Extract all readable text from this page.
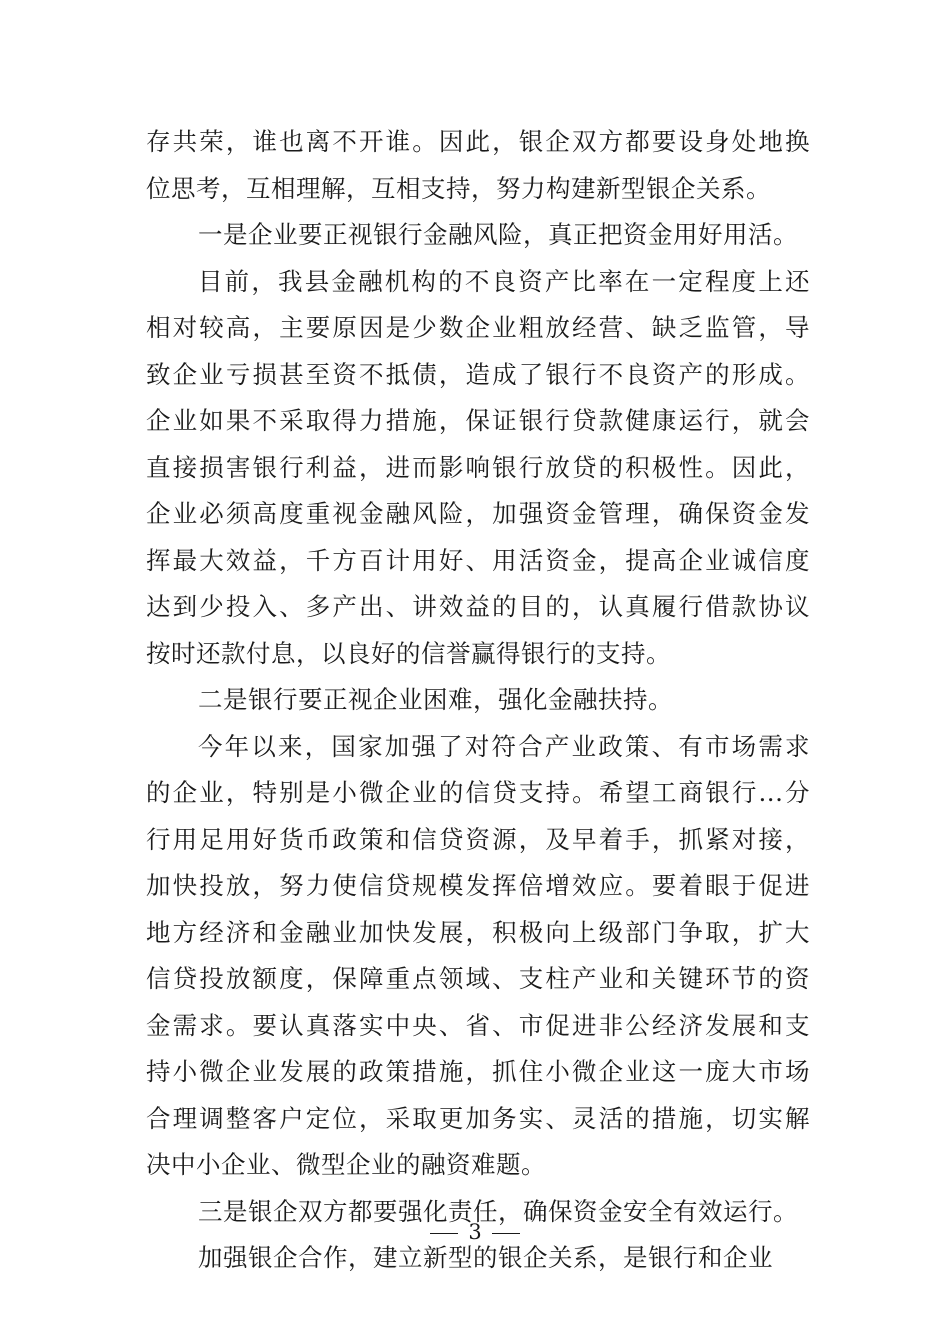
存共荣，谁也离不开谁。因此，银企双方都要设身处地换
位思考，互相理解，互相支持，努力构建新型银企关系。
一是企业要正视银行金融风险，真正把资金用好用活。
目前，我县金融机构的不良资产比率在一定程度上还
相对较高，主要原因是少数企业粗放经营、缺乏监管，导
致企业亏损甚至资不抵债，造成了银行不良资产的形成。
企业如果不采取得力措施，保证银行贷款健康运行，就会
直接损害银行利益，进而影响银行放贷的积极性。因此，
企业必须高度重视金融风险，加强资金管理，确保资金发
挥最大效益，千方百计用好、用活资金，提高企业诚信度
达到少投入、多产出、讲效益的目的，认真履行借款协议
按时还款付息，以良好的信誉赢得银行的支持。
二是银行要正视企业困难，强化金融扶持。
今年以来，国家加强了对符合产业政策、有市场需求
的企业，特别是小微企业的信贷支持。希望工商银行...分
行用足用好货币政策和信贷资源，及早着手，抓紧对接，
加快投放，努力使信贷规模发挥倍增效应。要着眼于促进
地方经济和金融业加快发展，积极向上级部门争取，扩大
信贷投放额度，保障重点领域、支柱产业和关键环节的资
金需求。要认真落实中央、省、市促进非公经济发展和支
持小微企业发展的政策措施，抓住小微企业这一庞大市场
合理调整客户定位，采取更加务实、灵活的措施，切实解
决中小企业、微型企业的融资难题。
三是银企双方都要强化责任，确保资金安全有效运行。
加强银企合作，建立新型的银企关系，是银行和企业
3
